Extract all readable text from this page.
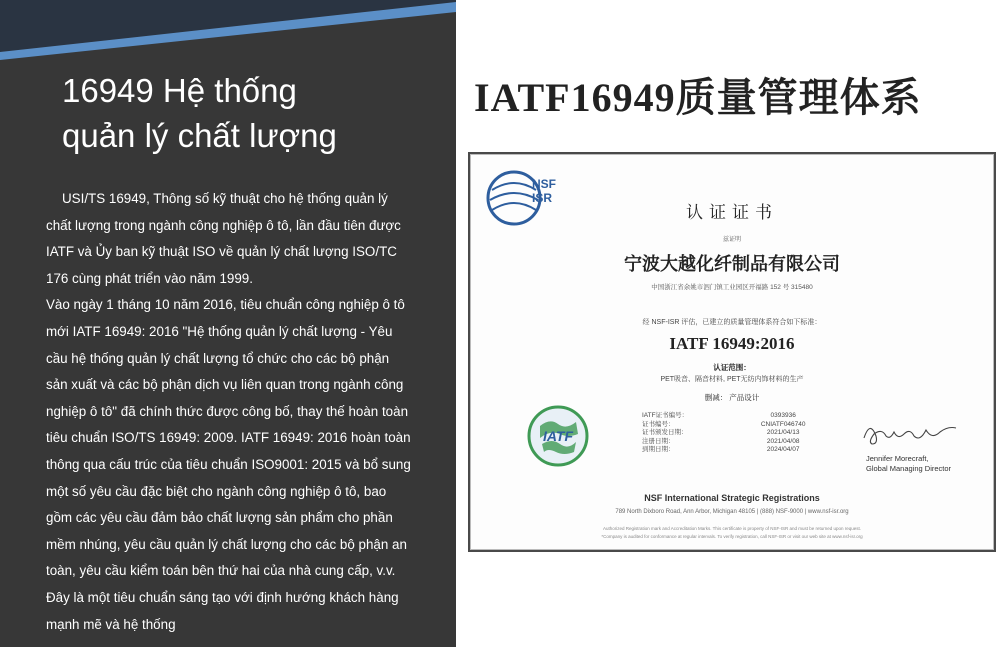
16949 Hệ thống
quản lý chất lượng

USI/TS 16949, Thông số kỹ thuật cho hệ thống quản lý chất lượng trong ngành công nghiệp ô tô, lần đầu tiên được IATF và Ủy ban kỹ thuật ISO về quản lý chất lượng ISO/TC 176 cùng phát triển vào năm 1999.

Vào ngày 1 tháng 10 năm 2016, tiêu chuẩn công nghiệp ô tô mới IATF 16949: 2016 "Hệ thống quản lý chất lượng - Yêu cầu hệ thống quản lý chất lượng tổ chức cho các bộ phận sản xuất và các bộ phận dịch vụ liên quan trong ngành công nghiệp ô tô" đã chính thức được công bố, thay thế hoàn toàn tiêu chuẩn ISO/TS 16949: 2009. IATF 16949: 2016 hoàn toàn thông qua cấu trúc của tiêu chuẩn ISO9001: 2015 và bổ sung một số yêu cầu đặc biệt cho ngành công nghiệp ô tô, bao gồm các yêu cầu đảm bảo chất lượng sản phẩm cho phần mềm nhúng, yêu cầu quản lý chất lượng cho các bộ phận an toàn, yêu cầu kiểm toán bên thứ hai của nhà cung cấp, v.v. Đây là một tiêu chuẩn sáng tạo với định hướng khách hàng mạnh mẽ và hệ thống

IATF16949质量管理体系
NSF
ISR

认证证书

兹证明

宁波大越化纤制品有限公司

中国浙江省余姚市泗门镇工业园区开福路 152 号 315480

经 NSF-ISR 评估，已建立的质量管理体系符合如下标准：

IATF 16949:2016

认证范围：

PET吸音、隔音材料, PET无纺内饰材料的生产

删减： 产品设计

IATF
IATF证书编号：	0393936
证书编号：	CNIATF046740
证书颁发日期：	2021/04/13
注册日期：	2021/04/08
到期日期：	2024/04/07

Jennifer Morecraft,

Global Managing Director

NSF International Strategic Registrations

789 North Dixboro Road, Ann Arbor, Michigan 48105 | (888) NSF-9000 | www.nsf-isr.org

Authorized Registration mark and Accreditation Marks. This certificate is property of NSF-ISR and must be returned upon request.

*Company is audited for conformance at regular intervals. To verify registration, call NSF-ISR or visit our web site at www.nsf-isr.org
